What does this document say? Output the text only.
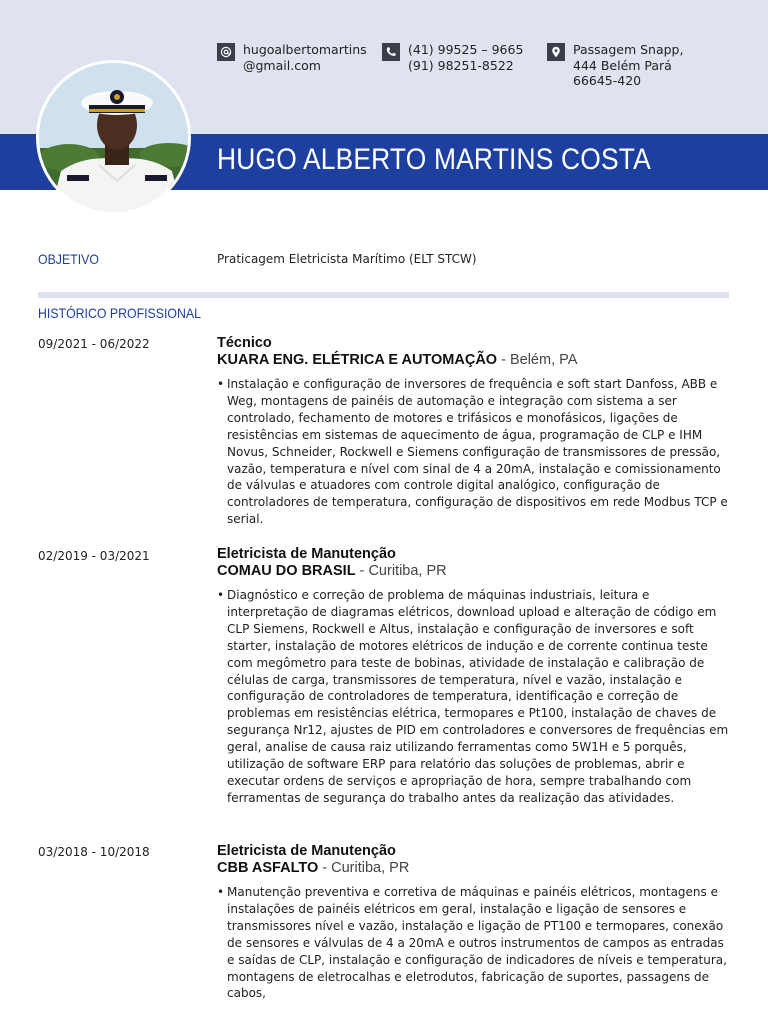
hugoalbertomartins
@gmail.com
(41) 99525 – 9665
(91) 98251-8522
Passagem Snapp,
444 Belém Pará
66645-420
HUGO ALBERTO MARTINS COSTA
OBJETIVO	Praticagem Eletricista Marítimo (ELT STCW)
HISTÓRICO PROFISSIONAL
09/2021 - 06/2022	Técnico
KUARA ENG. ELÉTRICA E AUTOMAÇÃO - Belém, PA
• Instalação e configuração de inversores de frequência e soft start Danfoss, ABB e Weg, montagens de painéis de automação e integração com sistema a ser controlado, fechamento de motores e trifásicos e monofásicos, ligações de resistências em sistemas de aquecimento de água, programação de CLP e IHM Novus, Schneider, Rockwell e Siemens configuração de transmissores de pressão, vazão, temperatura e nível com sinal de 4 a 20mA, instalação e comissionamento de válvulas e atuadores com controle digital analógico, configuração de controladores de temperatura, configuração de dispositivos em rede Modbus TCP e serial.
02/2019 - 03/2021	Eletricista de Manutenção
COMAU DO BRASIL - Curitiba, PR
• Diagnóstico e correção de problema de máquinas industriais, leitura e interpretação de diagramas elétricos, download upload e alteração de código em CLP Siemens, Rockwell e Altus, instalação e configuração de inversores e soft starter, instalação de motores elétricos de indução e de corrente continua teste com megômetro para teste de bobinas, atividade de instalação e calibração de células de carga, transmissores de temperatura, nível e vazão, instalação e configuração de controladores de temperatura, identificação e correção de problemas em resistências elétrica, termopares e Pt100, instalação de chaves de segurança Nr12, ajustes de PID em controladores e conversores de frequências em geral, analise de causa raiz utilizando ferramentas como 5W1H e 5 porquês, utilização de software ERP para relatório das soluções de problemas, abrir e executar ordens de serviços e apropriação de hora, sempre trabalhando com ferramentas de segurança do trabalho antes da realização das atividades.
03/2018 - 10/2018	Eletricista de Manutenção
CBB ASFALTO - Curitiba, PR
• Manutenção preventiva e corretiva de máquinas e painéis elétricos, montagens e instalações de painéis elétricos em geral, instalação e ligação de sensores e transmissores nível e vazão, instalação e ligação de PT100 e termopares, conexão de sensores e válvulas de 4 a 20mA e outros instrumentos de campos as entradas e saídas de CLP, instalação e configuração de indicadores de níveis e temperatura, montagens de eletrocalhas e eletrodutos, fabricação de suportes, passagens de cabos,
